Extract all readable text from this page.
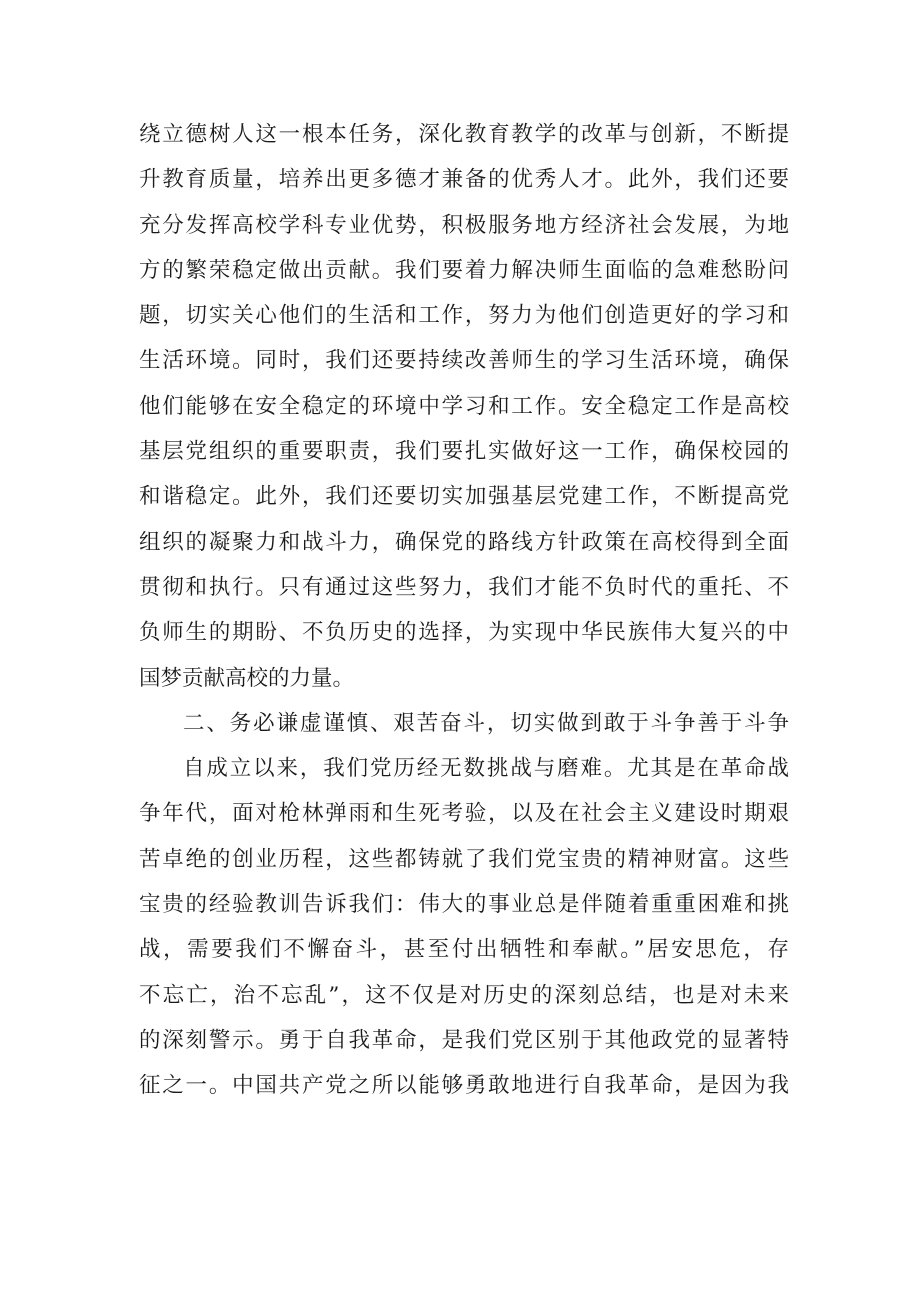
绕立德树人这一根本任务，深化教育教学的改革与创新，不断提
升教育质量，培养出更多德才兼备的优秀人才。此外，我们还要
充分发挥高校学科专业优势，积极服务地方经济社会发展，为地
方的繁荣稳定做出贡献。我们要着力解决师生面临的急难愁盼问
题，切实关心他们的生活和工作，努力为他们创造更好的学习和
生活环境。同时，我们还要持续改善师生的学习生活环境，确保
他们能够在安全稳定的环境中学习和工作。安全稳定工作是高校
基层党组织的重要职责，我们要扎实做好这一工作，确保校园的
和谐稳定。此外，我们还要切实加强基层党建工作，不断提高党
组织的凝聚力和战斗力，确保党的路线方针政策在高校得到全面
贯彻和执行。只有通过这些努力，我们才能不负时代的重托、不
负师生的期盼、不负历史的选择，为实现中华民族伟大复兴的中
国梦贡献高校的力量。
二、务必谦虚谨慎、艰苦奋斗，切实做到敢于斗争善于斗争
自成立以来，我们党历经无数挑战与磨难。尤其是在革命战
争年代，面对枪林弹雨和生死考验，以及在社会主义建设时期艰
苦卓绝的创业历程，这些都铸就了我们党宝贵的精神财富。这些
宝贵的经验教训告诉我们：伟大的事业总是伴随着重重困难和挑
战，需要我们不懈奋斗，甚至付出牺牲和奉献。”居安思危，存
不忘亡，治不忘乱”，这不仅是对历史的深刻总结，也是对未来
的深刻警示。勇于自我革命，是我们党区别于其他政党的显著特
征之一。中国共产党之所以能够勇敢地进行自我革命，是因为我
